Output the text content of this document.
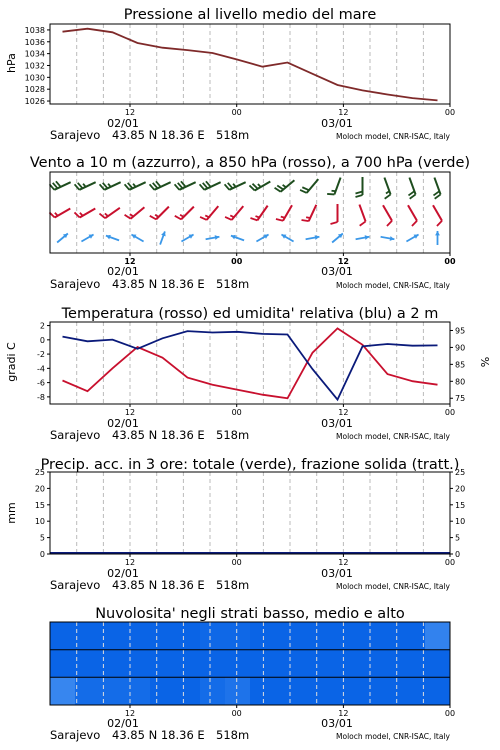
Pressione al livello medio del mare
hPa
1026
1028
1030
1032
1034
1036
1038
12	00	12	00
02/01	03/01
Sarajevo 43.85 N 18.36 E 518m	Moloch model, CNR-ISAC, Italy
Vento a 10 m (azzurro), a 850 hPa (rosso), a 700 hPa (verde)
12	00	12	00
02/01	03/01
Sarajevo 43.85 N 18.36 E 518m	Moloch model, CNR-ISAC, Italy
Temperatura (rosso) ed umidita' relativa (blu) a 2 m
gradi C	%
2
0
-2
-4
-6
-8
95
90
85
80
75
12	00	12	00
02/01	03/01
Sarajevo 43.85 N 18.36 E 518m	Moloch model, CNR-ISAC, Italy
Precip. acc. in 3 ore: totale (verde), frazione solida (tratt.)
mm
0
5
10
15
20
25
0
5
10
15
20
25
12	00	12	00
02/01	03/01
Sarajevo 43.85 N 18.36 E 518m	Moloch model, CNR-ISAC, Italy
Nuvolosita' negli strati basso, medio e alto
12	00	12	00
02/01	03/01
Sarajevo 43.85 N 18.36 E 518m	Moloch model, CNR-ISAC, Italy
